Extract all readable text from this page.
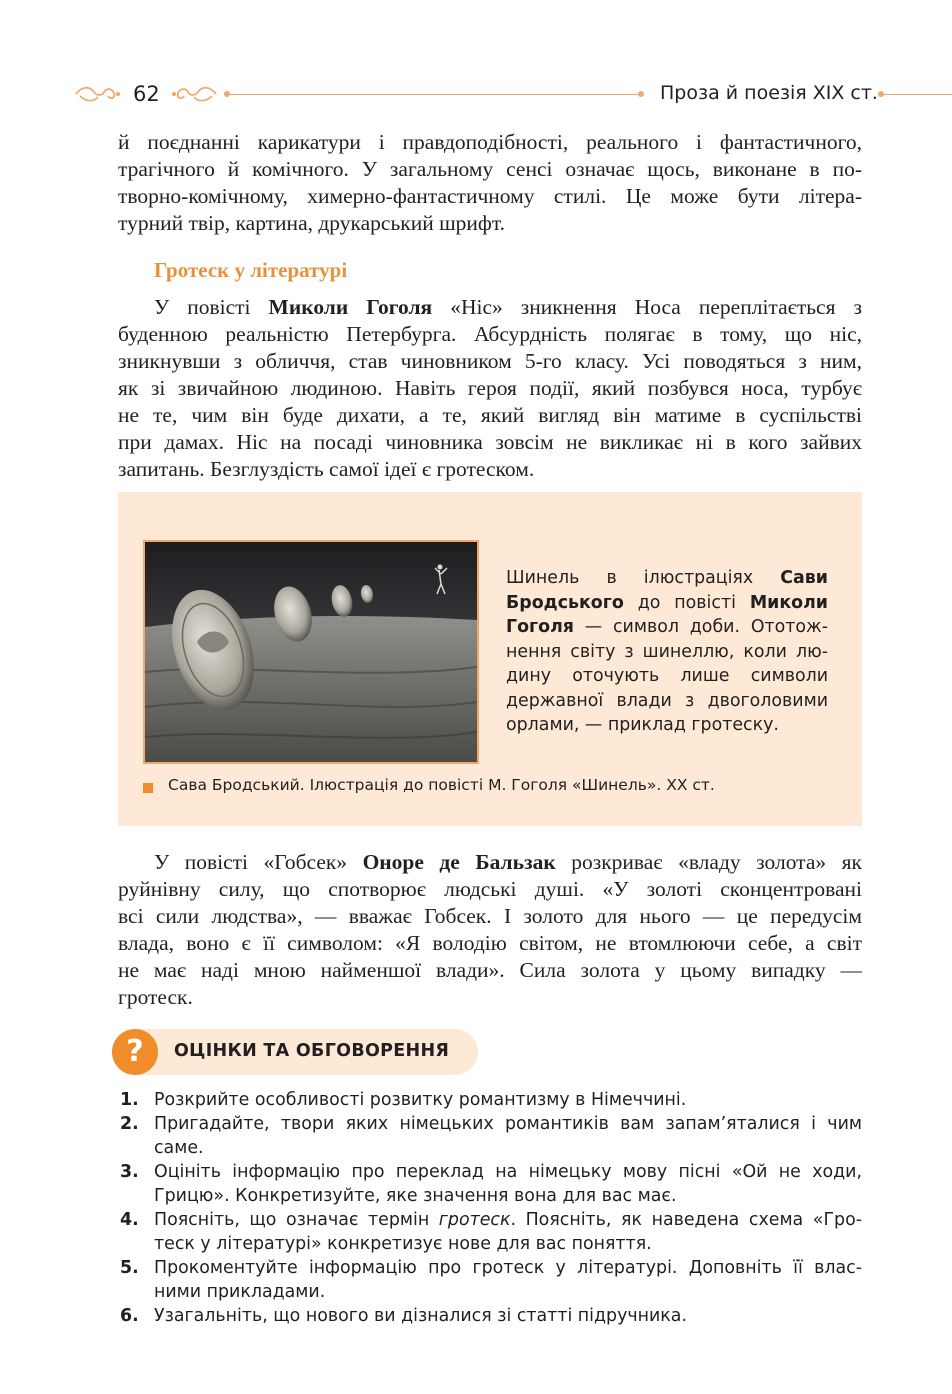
62	Проза й поезія XIX ст.
й поєднанні карикатури і правдоподібності, реального і фантастичного,
трагічного й комічного. У загальному сенсі означає щось, виконане в по-
творно-комічному, химерно-фантастичному стилі. Це може бути літера-
турний твір, картина, друкарський шрифт.
Гротеск у літературі
У повісті Миколи Гоголя «Ніс» зникнення Носа переплітається з
буденною реальністю Петербурга. Абсурдність полягає в тому, що ніс,
зникнувши з обличчя, став чиновником 5-го класу. Усі поводяться з ним,
як зі звичайною людиною. Навіть героя події, який позбувся носа, турбує
не те, чим він буде дихати, а те, який вигляд він матиме в суспільстві
при дамах. Ніс на посаді чиновника зовсім не викликає ні в кого зайвих
запитань. Безглуздість самої ідеї є гротеском.
Шинель в ілюстраціях Сави
Бродського до повісті Миколи
Гоголя — символ доби. Ототож-
нення світу з шинеллю, коли лю-
дину оточують лише символи
державної влади з двоголовими
орлами, — приклад гротеску.
Сава Бродський. Ілюстрація до повісті М. Гоголя «Шинель». XX ст.
У повісті «Гобсек» Оноре де Бальзак розкриває «владу золота» як
руйнівну силу, що спотворює людські душі. «У золоті сконцентровані
всі сили людства», — вважає Гобсек. І золото для нього — це передусім
влада, воно є її символом: «Я володію світом, не втомлюючи себе, а світ
не має наді мною найменшої влади». Сила золота у цьому випадку —
гротеск.
?	ОЦІНКИ ТА ОБГОВОРЕННЯ
1. Розкрийте особливості розвитку романтизму в Німеччині.
2. Пригадайте, твори яких німецьких романтиків вам запам’яталися і чим
саме.
3. Оцініть інформацію про переклад на німецьку мову пісні «Ой не ходи,
Грицю». Конкретизуйте, яке значення вона для вас має.
4. Поясніть, що означає термін гротеск. Поясніть, як наведена схема «Гро-
теск у літературі» конкретизує нове для вас поняття.
5. Прокоментуйте інформацію про гротеск у літературі. Доповніть її влас-
ними прикладами.
6. Узагальніть, що нового ви дізналися зі статті підручника.
